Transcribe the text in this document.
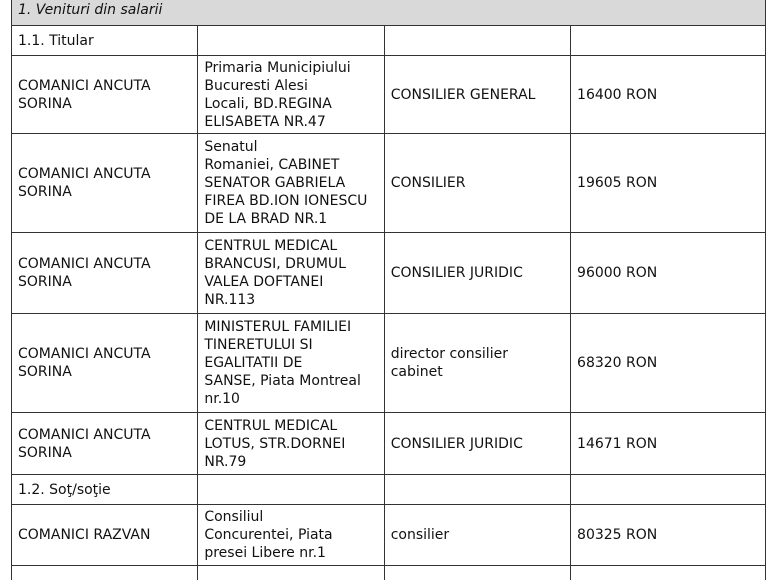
1. Venituri din salarii			
1.1. Titular			
COMANICI ANCUTA
SORINA	Primaria Municipiului
Bucuresti Alesi
Locali, BD.REGINA
ELISABETA NR.47	CONSILIER GENERAL	16400 RON
COMANICI ANCUTA
SORINA	Senatul
Romaniei, CABINET
SENATOR GABRIELA
FIREA BD.ION IONESCU
DE LA BRAD NR.1	CONSILIER	19605 RON
COMANICI ANCUTA
SORINA	CENTRUL MEDICAL
BRANCUSI, DRUMUL
VALEA DOFTANEI
NR.113	CONSILIER JURIDIC	96000 RON
COMANICI ANCUTA
SORINA	MINISTERUL FAMILIEI
TINERETULUI SI
EGALITATII DE
SANSE, Piata Montreal
nr.10	director consilier cabinet	68320 RON
COMANICI ANCUTA
SORINA	CENTRUL MEDICAL
LOTUS, STR.DORNEI
NR.79	CONSILIER JURIDIC	14671 RON
1.2. Soţ/soţie			
COMANICI RAZVAN	Consiliul
Concurentei, Piata
presei Libere nr.1	consilier	80325 RON
